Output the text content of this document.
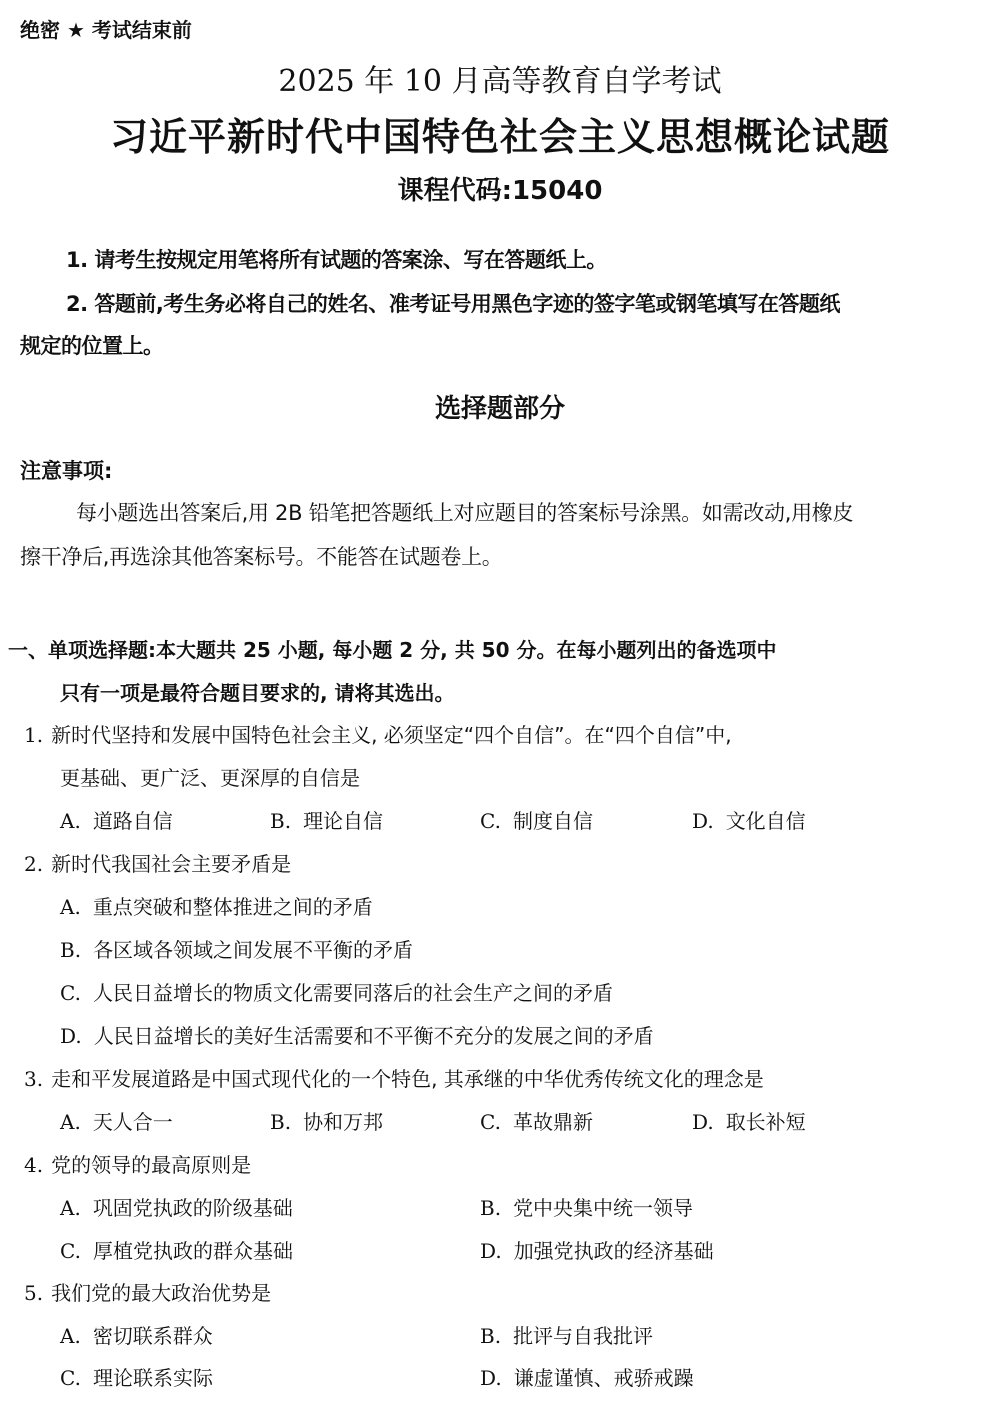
绝密 ★ 考试结束前
2025 年 10 月高等教育自学考试
习近平新时代中国特色社会主义思想概论试题
课程代码:15040
1. 请考生按规定用笔将所有试题的答案涂、写在答题纸上。
2. 答题前,考生务必将自己的姓名、准考证号用黑色字迹的签字笔或钢笔填写在答题纸
规定的位置上。
选择题部分
注意事项:
每小题选出答案后,用 2B 铅笔把答题纸上对应题目的答案标号涂黑。如需改动,用橡皮
擦干净后,再选涂其他答案标号。不能答在试题卷上。
一、单项选择题:本大题共 25 小题, 每小题 2 分, 共 50 分。在每小题列出的备选项中
只有一项是最符合题目要求的, 请将其选出。
1. 新时代坚持和发展中国特色社会主义, 必须坚定“四个自信”。在“四个自信”中,
更基础、更广泛、更深厚的自信是
A. 道路自信	B. 理论自信	C. 制度自信	D. 文化自信
2. 新时代我国社会主要矛盾是
A. 重点突破和整体推进之间的矛盾
B. 各区域各领域之间发展不平衡的矛盾
C. 人民日益增长的物质文化需要同落后的社会生产之间的矛盾
D. 人民日益增长的美好生活需要和不平衡不充分的发展之间的矛盾
3. 走和平发展道路是中国式现代化的一个特色, 其承继的中华优秀传统文化的理念是
A. 天人合一	B. 协和万邦	C. 革故鼎新	D. 取长补短
4. 党的领导的最高原则是
A. 巩固党执政的阶级基础	B. 党中央集中统一领导
C. 厚植党执政的群众基础	D. 加强党执政的经济基础
5. 我们党的最大政治优势是
A. 密切联系群众	B. 批评与自我批评
C. 理论联系实际	D. 谦虚谨慎、戒骄戒躁
